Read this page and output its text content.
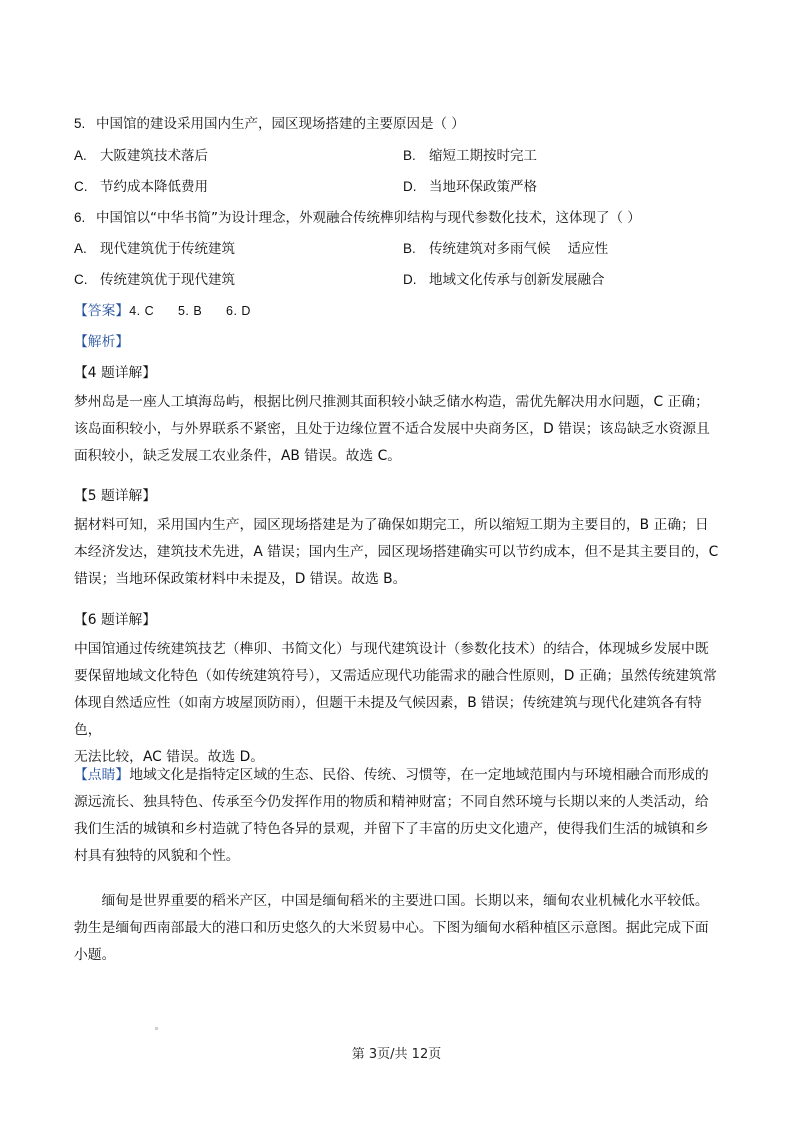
5. 中国馆的建设采用国内生产，园区现场搭建的主要原因是（ ）
A. 大阪建筑技术落后	B. 缩短工期按时完工
C. 节约成本降低费用	D. 当地环保政策严格
6. 中国馆以“中华书简”为设计理念，外观融合传统榫卯结构与现代参数化技术，这体现了（ ）
A. 现代建筑优于传统建筑	B. 传统建筑对多雨气候    适应性
C. 传统建筑优于现代建筑	D. 地域文化传承与创新发展融合
【答案】4. C      5. B      6. D
【解析】
【4 题详解】
梦州岛是一座人工填海岛屿，根据比例尺推测其面积较小缺乏储水构造，需优先解决用水问题，C 正确；
该岛面积较小，与外界联系不紧密，且处于边缘位置不适合发展中央商务区，D 错误；该岛缺乏水资源且
面积较小，缺乏发展工农业条件，AB 错误。故选 C。
【5 题详解】
据材料可知，采用国内生产，园区现场搭建是为了确保如期完工，所以缩短工期为主要目的，B 正确；日
本经济发达，建筑技术先进，A 错误；国内生产，园区现场搭建确实可以节约成本，但不是其主要目的，C
错误；当地环保政策材料中未提及，D 错误。故选 B。
【6 题详解】
中国馆通过传统建筑技艺（榫卯、书简文化）与现代建筑设计（参数化技术）的结合，体现城乡发展中既
要保留地域文化特色（如传统建筑符号），又需适应现代功能需求的融合性原则，D 正确；虽然传统建筑常
体现自然适应性（如南方坡屋顶防雨），但题干未提及气候因素，B 错误；传统建筑与现代化建筑各有特色，
无法比较，AC 错误。故选 D。
【点睛】地域文化是指特定区域的生态、民俗、传统、习惯等，在一定地域范围内与环境相融合而形成的
源远流长、独具特色、传承至今仍发挥作用的物质和精神财富；不同自然环境与长期以来的人类活动，给
我们生活的城镇和乡村造就了特色各异的景观，并留下了丰富的历史文化遗产，使得我们生活的城镇和乡
村具有独特的风貌和个性。
缅甸是世界重要的稻米产区，中国是缅甸稻米的主要进口国。长期以来，缅甸农业机械化水平较低。
勃生是缅甸西南部最大的港口和历史悠久的大米贸易中心。下图为缅甸水稻种植区示意图。据此完成下面
小题。
第 3页/共 12页
